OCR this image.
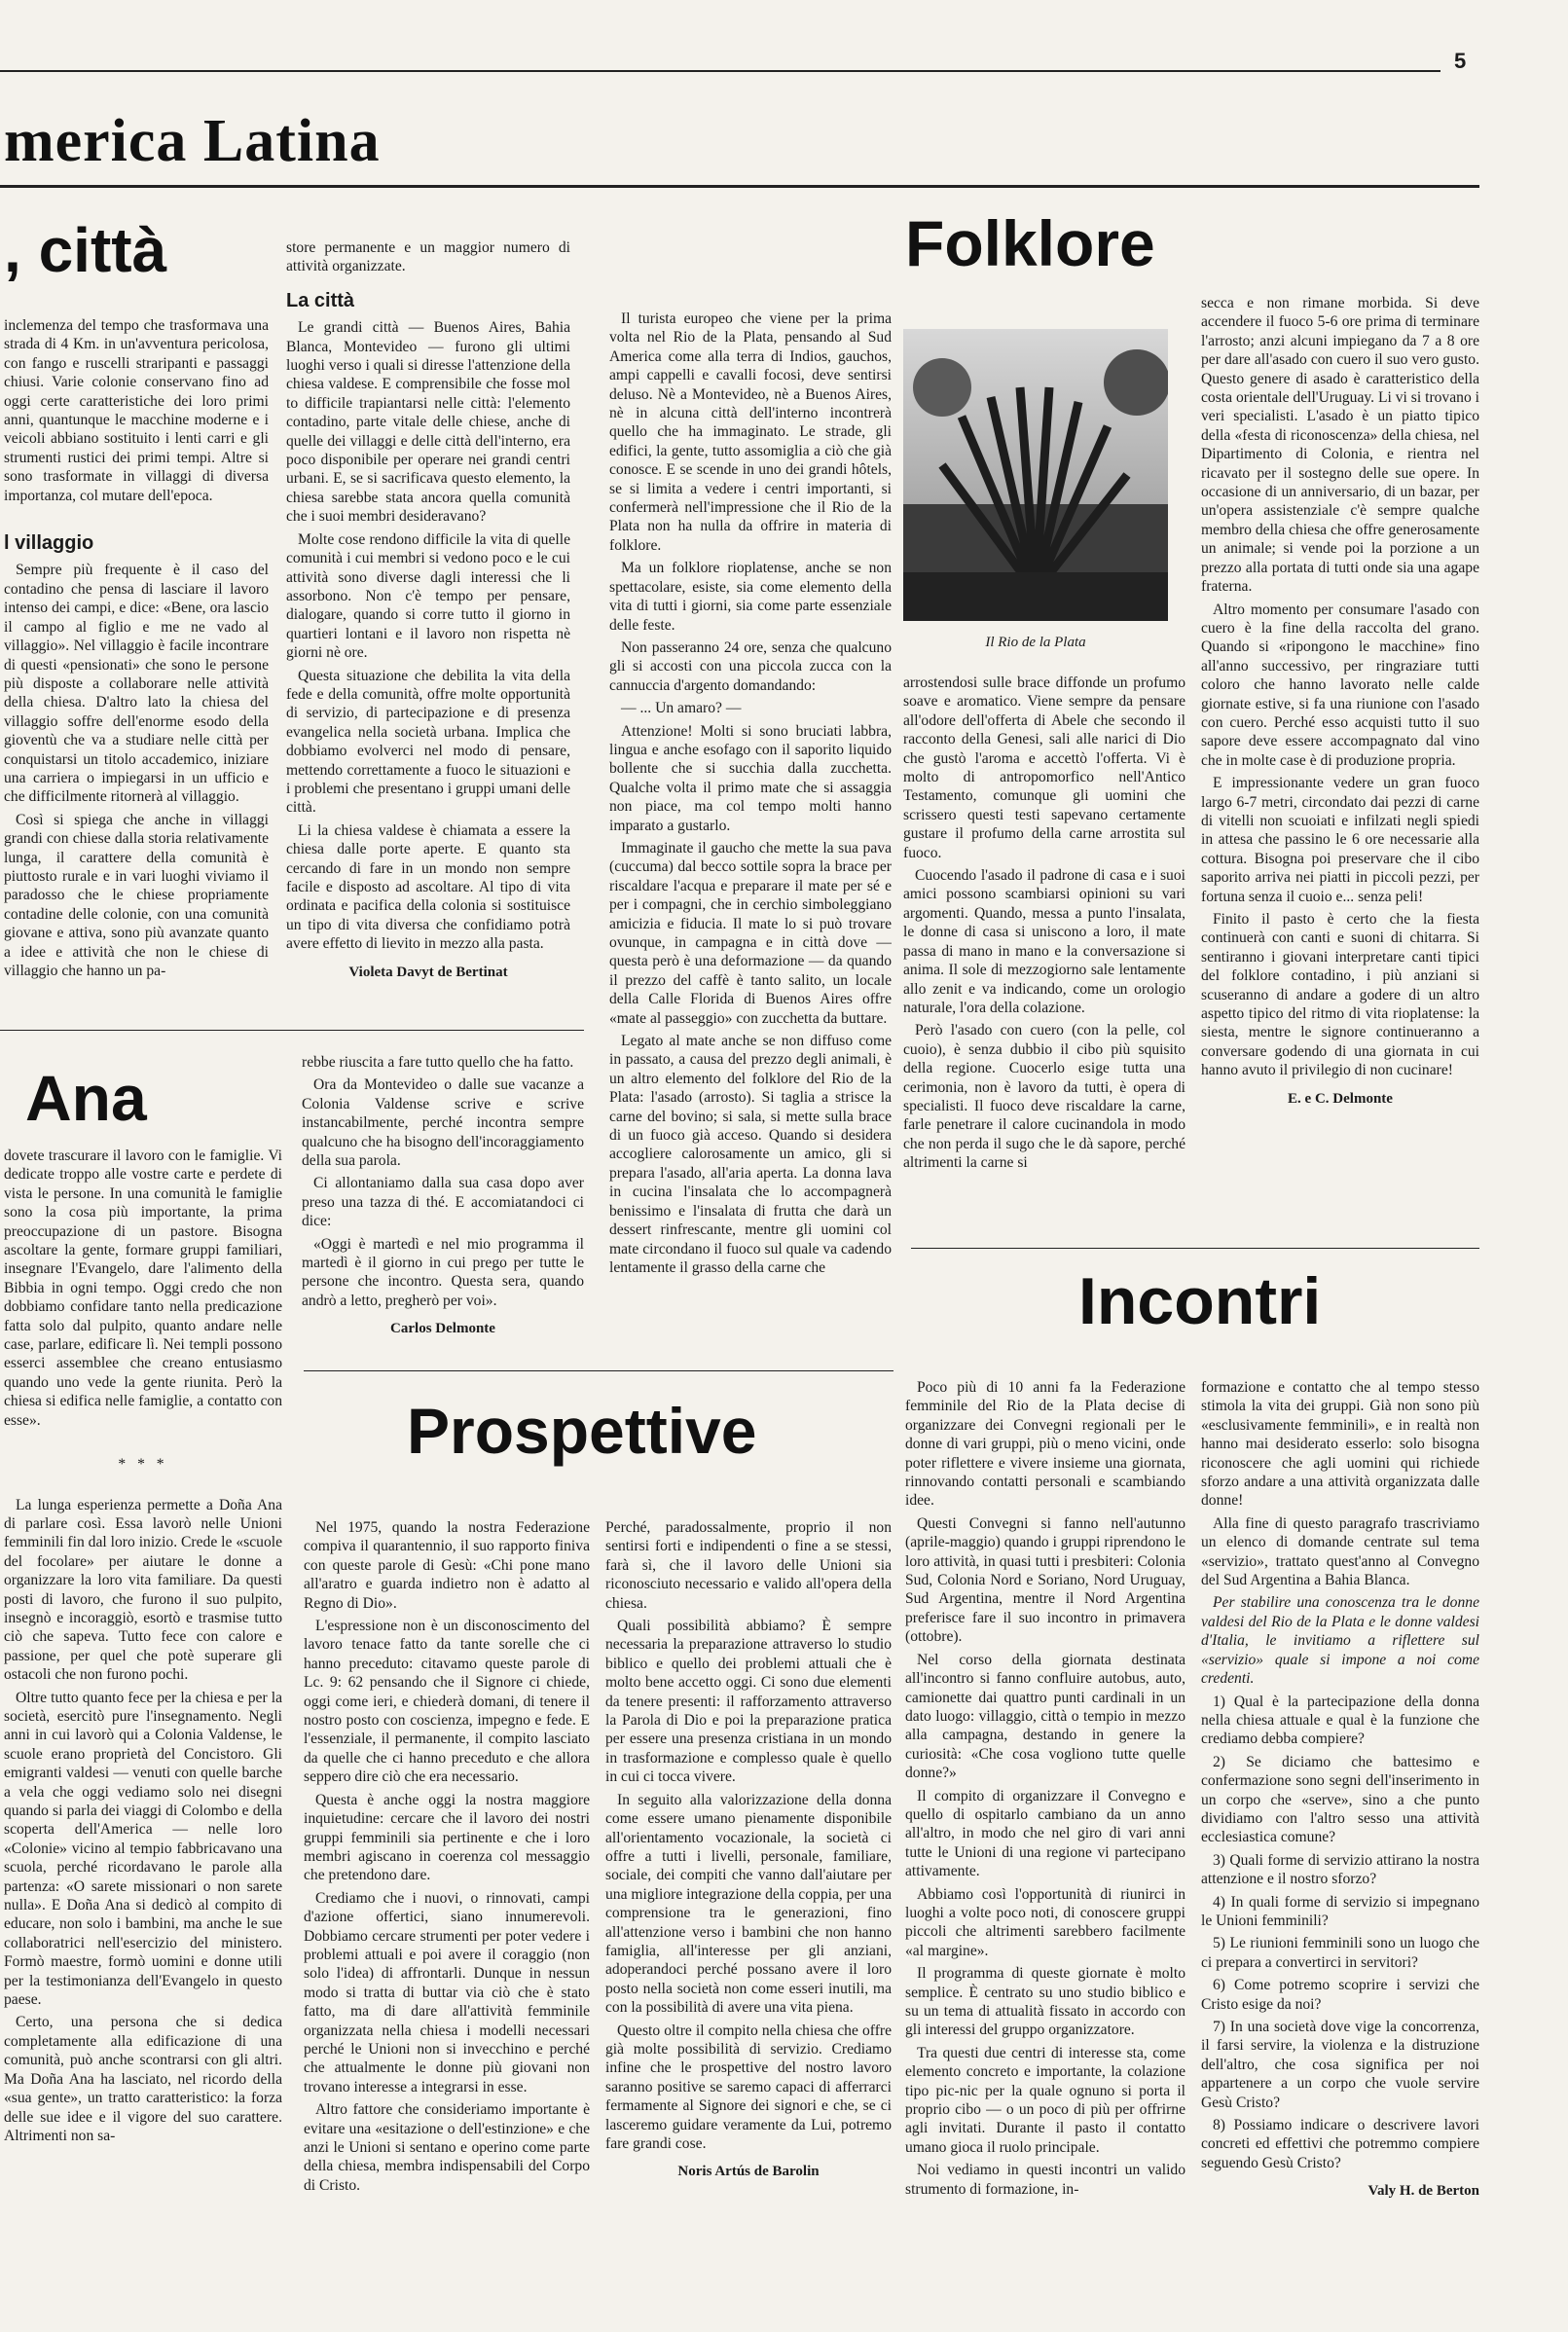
5
merica Latina
, città

inclemenza del tempo che trasformava una strada di 4 Km. in un'avventura pericolosa, con fango e ruscelli straripanti e passaggi chiusi. Varie colonie conservano fino ad oggi certe caratteristiche dei loro primi anni, quantunque le macchine moderne e i veicoli abbiano sostituito i lenti carri e gli strumenti rustici dei primi tempi. Altre si sono trasformate in villaggi di diversa importanza, col mutare dell'epoca.

l villaggio

Sempre più frequente è il caso del contadino che pensa di lasciare il lavoro intenso dei campi, e dice: «Bene, ora lascio il campo al figlio e me ne vado al villaggio». Nel villaggio è facile incontrare di questi «pensionati» che sono le persone più disposte a collaborare nelle attività della chiesa. D'altro lato la chiesa del villaggio soffre dell'enorme esodo della gioventù che va a studiare nelle città per conquistarsi un titolo accademico, iniziare una carriera o impiegarsi in un ufficio e che difficilmente ritornerà al villaggio.

Così si spiega che anche in villaggi grandi con chiese dalla storia relativamente lunga, il carattere della comunità è piuttosto rurale e in vari luoghi viviamo il paradosso che le chiese propriamente contadine delle colonie, con una comunità giovane e attiva, sono più avanzate quanto a idee e attività che non le chiese di villaggio che hanno un pa-

store permanente e un maggior numero di attività organizzate.

La città

Le grandi città — Buenos Aires, Bahia Blanca, Montevideo — furono gli ultimi luoghi verso i quali si diresse l'attenzione della chiesa valdese. E comprensibile che fosse mol to difficile trapiantarsi nelle città: l'elemento contadino, parte vitale delle chiese, anche di quelle dei villaggi e delle città dell'interno, era poco disponibile per operare nei grandi centri urbani. E, se si sacrificava questo elemento, la chiesa sarebbe stata ancora quella comunità che i suoi membri desideravano?

Molte cose rendono difficile la vita di quelle comunità i cui membri si vedono poco e le cui attività sono diverse dagli interessi che li assorbono. Non c'è tempo per pensare, dialogare, quando si corre tutto il giorno in quartieri lontani e il lavoro non rispetta nè giorni nè ore.

Questa situazione che debilita la vita della fede e della comunità, offre molte opportunità di servizio, di partecipazione e di presenza evangelica nella società urbana. Implica che dobbiamo evolverci nel modo di pensare, mettendo correttamente a fuoco le situazioni e i problemi che presentano i gruppi umani delle città.

Li la chiesa valdese è chiamata a essere la chiesa dalle porte aperte. E quanto sta cercando di fare in un mondo non sempre facile e disposto ad ascoltare. Al tipo di vita ordinata e pacifica della colonia si sostituisce un tipo di vita diversa che confidiamo potrà avere effetto di lievito in mezzo alla pasta.

Violeta Davyt de Bertinat
Ana

dovete trascurare il lavoro con le famiglie. Vi dedicate troppo alle vostre carte e perdete di vista le persone. In una comunità le famiglie sono la cosa più importante, la prima preoccupazione di un pastore. Bisogna ascoltare la gente, formare gruppi familiari, insegnare l'Evangelo, dare l'alimento della Bibbia in ogni tempo. Oggi credo che non dobbiamo confidare tanto nella predicazione fatta solo dal pulpito, quanto andare nelle case, parlare, edificare lì. Nei templi possono esserci assemblee che creano entusiasmo quando uno vede la gente riunita. Però la chiesa si edifica nelle famiglie, a contatto con esse».

* * *

La lunga esperienza permette a Doña Ana di parlare così. Essa lavorò nelle Unioni femminili fin dal loro inizio. Crede le «scuole del focolare» per aiutare le donne a organizzare la loro vita familiare. Da questi posti di lavoro, che furono il suo pulpito, insegnò e incoraggiò, esortò e trasmise tutto ciò che sapeva. Tutto fece con calore e passione, per quel che potè superare gli ostacoli che non furono pochi.

Oltre tutto quanto fece per la chiesa e per la società, esercitò pure l'insegnamento. Negli anni in cui lavorò qui a Colonia Valdense, le scuole erano proprietà del Concistoro. Gli emigranti valdesi — venuti con quelle barche a vela che oggi vediamo solo nei disegni quando si parla dei viaggi di Colombo e della scoperta dell'America — nelle loro «Colonie» vicino al tempio fabbricavano una scuola, perché ricordavano le parole alla partenza: «O sarete missionari o non sarete nulla». E Doña Ana si dedicò al compito di educare, non solo i bambini, ma anche le sue collaboratrici nell'esercizio del ministero. Formò maestre, formò uomini e donne utili per la testimonianza dell'Evangelo in questo paese.

Certo, una persona che si dedica completamente alla edificazione di una comunità, può anche scontrarsi con gli altri. Ma Doña Ana ha lasciato, nel ricordo della «sua gente», un tratto caratteristico: la forza delle sue idee e il vigore del suo carattere. Altrimenti non sa-

rebbe riuscita a fare tutto quello che ha fatto.

Ora da Montevideo o dalle sue vacanze a Colonia Valdense scrive e scrive instancabilmente, perché incontra sempre qualcuno che ha bisogno dell'incoraggiamento della sua parola.

Ci allontaniamo dalla sua casa dopo aver preso una tazza di thé. E accomiatandoci ci dice:

«Oggi è martedì e nel mio programma il martedì è il giorno in cui prego per tutte le persone che incontro. Questa sera, quando andrò a letto, pregherò per voi».

Carlos Delmonte
Folklore
Il Rio de la Plata

Il turista europeo che viene per la prima volta nel Rio de la Plata, pensando al Sud America come alla terra di Indios, gauchos, ampi cappelli e cavalli focosi, deve sentirsi deluso. Nè a Montevideo, nè a Buenos Aires, nè in alcuna città dell'interno incontrerà quello che ha immaginato. Le strade, gli edifici, la gente, tutto assomiglia a ciò che già conosce. E se scende in uno dei grandi hôtels, se si limita a vedere i centri importanti, si confermerà nell'impressione che il Rio de la Plata non ha nulla da offrire in materia di folklore.

Ma un folklore rioplatense, anche se non spettacolare, esiste, sia come elemento della vita di tutti i giorni, sia come parte essenziale delle feste.

Non passeranno 24 ore, senza che qualcuno gli si accosti con una piccola zucca con la cannuccia d'argento domandando:

— ... Un amaro? —

Attenzione! Molti si sono bruciati labbra, lingua e anche esofago con il saporito liquido bollente che si succhia dalla zucchetta. Qualche volta il primo mate che si assaggia non piace, ma col tempo molti hanno imparato a gustarlo.

Immaginate il gaucho che mette la sua pava (cuccuma) dal becco sottile sopra la brace per riscaldare l'acqua e preparare il mate per sé e per i compagni, che in cerchio simboleggiano amicizia e fiducia. Il mate lo si può trovare ovunque, in campagna e in città dove — questa però è una deformazione — da quando il prezzo del caffè è tanto salito, un locale della Calle Florida di Buenos Aires offre «mate al passeggio» con zucchetta da buttare.

Legato al mate anche se non diffuso come in passato, a causa del prezzo degli animali, è un altro elemento del folklore del Rio de la Plata: l'asado (arrosto). Si taglia a strisce la carne del bovino; si sala, si mette sulla brace di un fuoco già acceso. Quando si desidera accogliere calorosamente un amico, gli si prepara l'asado, all'aria aperta. La donna lava in cucina l'insalata che lo accompagnerà benissimo e l'insalata di frutta che darà un dessert rinfrescante, mentre gli uomini col mate circondano il fuoco sul quale va cadendo lentamente il grasso della carne che

arrostendosi sulle brace diffonde un profumo soave e aromatico. Viene sempre da pensare all'odore dell'offerta di Abele che secondo il racconto della Genesi, sali alle narici di Dio che gustò l'aroma e accettò l'offerta. Vi è molto di antropomorfico nell'Antico Testamento, comunque gli uomini che scrissero questi testi sapevano certamente gustare il profumo della carne arrostita sul fuoco.

Cuocendo l'asado il padrone di casa e i suoi amici possono scambiarsi opinioni su vari argomenti. Quando, messa a punto l'insalata, le donne di casa si uniscono a loro, il mate passa di mano in mano e la conversazione si anima. Il sole di mezzogiorno sale lentamente allo zenit e va indicando, come un orologio naturale, l'ora della colazione.

Però l'asado con cuero (con la pelle, col cuoio), è senza dubbio il cibo più squisito della regione. Cuocerlo esige tutta una cerimonia, non è lavoro da tutti, è opera di specialisti. Il fuoco deve riscaldare la carne, farle penetrare il calore cucinandola in modo che non perda il sugo che le dà sapore, perché altrimenti la carne si

secca e non rimane morbida. Si deve accendere il fuoco 5-6 ore prima di terminare l'arrosto; anzi alcuni impiegano da 7 a 8 ore per dare all'asado con cuero il suo vero gusto. Questo genere di asado è caratteristico della costa orientale dell'Uruguay. Li vi si trovano i veri specialisti. L'asado è un piatto tipico della «festa di riconoscenza» della chiesa, nel Dipartimento di Colonia, e rientra nel ricavato per il sostegno delle sue opere. In occasione di un anniversario, di un bazar, per un'opera assistenziale c'è sempre qualche membro della chiesa che offre generosamente un animale; si vende poi la porzione a un prezzo alla portata di tutti onde sia una agape fraterna.

Altro momento per consumare l'asado con cuero è la fine della raccolta del grano. Quando si «ripongono le macchine» fino all'anno successivo, per ringraziare tutti coloro che hanno lavorato nelle calde giornate estive, si fa una riunione con l'asado con cuero. Perché esso acquisti tutto il suo sapore deve essere accompagnato dal vino che in molte case è di produzione propria.

E impressionante vedere un gran fuoco largo 6-7 metri, circondato dai pezzi di carne di vitelli non scuoiati e infilzati negli spiedi in attesa che passino le 6 ore necessarie alla cottura. Bisogna poi preservare che il cibo saporito arriva nei piatti in piccoli pezzi, per fortuna senza il cuoio e... senza peli!

Finito il pasto è certo che la fiesta continuerà con canti e suoni di chitarra. Si sentiranno i giovani interpretare canti tipici del folklore contadino, i più anziani si scuseranno di andare a godere di un altro aspetto tipico del ritmo di vita rioplatense: la siesta, mentre le signore continueranno a conversare godendo di una giornata in cui hanno avuto il privilegio di non cucinare!

E. e C. Delmonte
Incontri

Poco più di 10 anni fa la Federazione femminile del Rio de la Plata decise di organizzare dei Convegni regionali per le donne di vari gruppi, più o meno vicini, onde poter riflettere e vivere insieme una giornata, rinnovando contatti personali e scambiando idee.

Questi Convegni si fanno nell'autunno (aprile-maggio) quando i gruppi riprendono le loro attività, in quasi tutti i presbiteri: Colonia Sud, Colonia Nord e Soriano, Nord Uruguay, Sud Argentina, mentre il Nord Argentina preferisce fare il suo incontro in primavera (ottobre).

Nel corso della giornata destinata all'incontro si fanno confluire autobus, auto, camionette dai quattro punti cardinali in un dato luogo: villaggio, città o tempio in mezzo alla campagna, destando in genere la curiosità: «Che cosa vogliono tutte quelle donne?»

Il compito di organizzare il Convegno e quello di ospitarlo cambiano da un anno all'altro, in modo che nel giro di vari anni tutte le Unioni di una regione vi partecipano attivamente.

Abbiamo così l'opportunità di riunirci in luoghi a volte poco noti, di conoscere gruppi piccoli che altrimenti sarebbero facilmente «al margine».

Il programma di queste giornate è molto semplice. È centrato su uno studio biblico e su un tema di attualità fissato in accordo con gli interessi del gruppo organizzatore.

Tra questi due centri di interesse sta, come elemento concreto e importante, la colazione tipo pic-nic per la quale ognuno si porta il proprio cibo — o un poco di più per offrirne agli invitati. Durante il pasto il contatto umano gioca il ruolo principale.

Noi vediamo in questi incontri un valido strumento di formazione, in-

formazione e contatto che al tempo stesso stimola la vita dei gruppi. Già non sono più «esclusivamente femminili», e in realtà non hanno mai desiderato esserlo: solo bisogna riconoscere che agli uomini qui richiede sforzo andare a una attività organizzata dalle donne!

Alla fine di questo paragrafo trascriviamo un elenco di domande centrate sul tema «servizio», trattato quest'anno al Convegno del Sud Argentina a Bahia Blanca.

Per stabilire una conoscenza tra le donne valdesi del Rio de la Plata e le donne valdesi d'Italia, le invitiamo a riflettere sul «servizio» quale si impone a noi come credenti.

1) Qual è la partecipazione della donna nella chiesa attuale e qual è la funzione che crediamo debba compiere?
2) Se diciamo che battesimo e confermazione sono segni dell'inserimento in un corpo che «serve», sino a che punto dividiamo con l'altro sesso una attività ecclesiastica comune?
3) Quali forme di servizio attirano la nostra attenzione e il nostro sforzo?
4) In quali forme di servizio si impegnano le Unioni femminili?
5) Le riunioni femminili sono un luogo che ci prepara a convertirci in servitori?
6) Come potremo scoprire i servizi che Cristo esige da noi?
7) In una società dove vige la concorrenza, il farsi servire, la violenza e la distruzione dell'altro, che cosa significa per noi appartenere a un corpo che vuole servire Gesù Cristo?
8) Possiamo indicare o descrivere lavori concreti ed effettivi che potremmo compiere seguendo Gesù Cristo?
Valy H. de Berton
Prospettive

Nel 1975, quando la nostra Federazione compiva il quarantennio, il suo rapporto finiva con queste parole di Gesù: «Chi pone mano all'aratro e guarda indietro non è adatto al Regno di Dio».

L'espressione non è un disconoscimento del lavoro tenace fatto da tante sorelle che ci hanno preceduto: citavamo queste parole di Lc. 9: 62 pensando che il Signore ci chiede, oggi come ieri, e chiederà domani, di tenere il nostro posto con coscienza, impegno e fede. E l'essenziale, il permanente, il compito lasciato da quelle che ci hanno preceduto e che allora seppero dire ciò che era necessario.

Questa è anche oggi la nostra maggiore inquietudine: cercare che il lavoro dei nostri gruppi femminili sia pertinente e che i loro membri agiscano in coerenza col messaggio che pretendono dare.

Crediamo che i nuovi, o rinnovati, campi d'azione offertici, siano innumerevoli. Dobbiamo cercare strumenti per poter vedere i problemi attuali e poi avere il coraggio (non solo l'idea) di affrontarli. Dunque in nessun modo si tratta di buttar via ciò che è stato fatto, ma di dare all'attività femminile organizzata nella chiesa i modelli necessari perché le Unioni non si invecchino e perché che attualmente le donne più giovani non trovano interesse a integrarsi in esse.

Altro fattore che consideriamo importante è evitare una «esitazione o dell'estinzione» e che anzi le Unioni si sentano e operino come parte della chiesa, membra indispensabili del Corpo di Cristo.

Perché, paradossalmente, proprio il non sentirsi forti e indipendenti o fine a se stessi, farà sì, che il lavoro delle Unioni sia riconosciuto necessario e valido all'opera della chiesa.

Quali possibilità abbiamo? È sempre necessaria la preparazione attraverso lo studio biblico e quello dei problemi attuali che è molto bene accetto oggi. Ci sono due elementi da tenere presenti: il rafforzamento attraverso la Parola di Dio e poi la preparazione pratica per essere una presenza cristiana in un mondo in trasformazione e complesso quale è quello in cui ci tocca vivere.

In seguito alla valorizzazione della donna come essere umano pienamente disponibile all'orientamento vocazionale, la società ci offre a tutti i livelli, personale, familiare, sociale, dei compiti che vanno dall'aiutare per una migliore integrazione della coppia, per una comprensione tra le generazioni, fino all'attenzione verso i bambini che non hanno famiglia, all'interesse per gli anziani, adoperandoci perché possano avere il loro posto nella società non come esseri inutili, ma con la possibilità di avere una vita piena.

Questo oltre il compito nella chiesa che offre già molte possibilità di servizio. Crediamo infine che le prospettive del nostro lavoro saranno positive se saremo capaci di afferrarci fermamente al Signore dei signori e che, se ci lasceremo guidare veramente da Lui, potremo fare grandi cose.

Noris Artús de Barolin
